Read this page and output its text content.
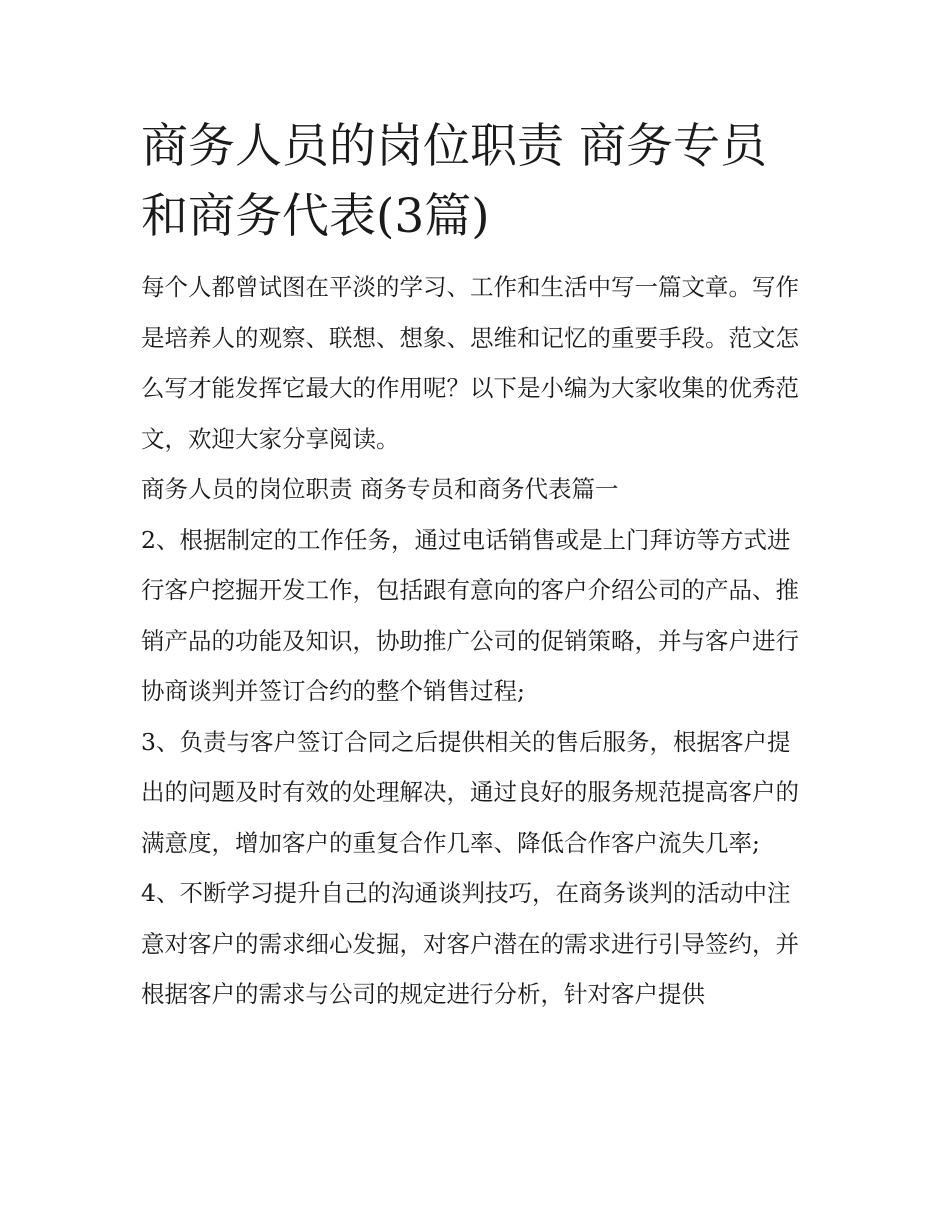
商务人员的岗位职责 商务专员和商务代表(3篇)

每个人都曾试图在平淡的学习、工作和生活中写一篇文章。写作是培养人的观察、联想、想象、思维和记忆的重要手段。范文怎么写才能发挥它最大的作用呢？以下是小编为大家收集的优秀范文，欢迎大家分享阅读。

商务人员的岗位职责 商务专员和商务代表篇一

2、根据制定的工作任务，通过电话销售或是上门拜访等方式进行客户挖掘开发工作，包括跟有意向的客户介绍公司的产品、推销产品的功能及知识，协助推广公司的促销策略，并与客户进行协商谈判并签订合约的整个销售过程;

3、负责与客户签订合同之后提供相关的售后服务，根据客户提出的问题及时有效的处理解决，通过良好的服务规范提高客户的满意度，增加客户的重复合作几率、降低合作客户流失几率;

4、不断学习提升自己的沟通谈判技巧，在商务谈判的活动中注意对客户的需求细心发掘，对客户潜在的需求进行引导签约，并根据客户的需求与公司的规定进行分析，针对客户提供
